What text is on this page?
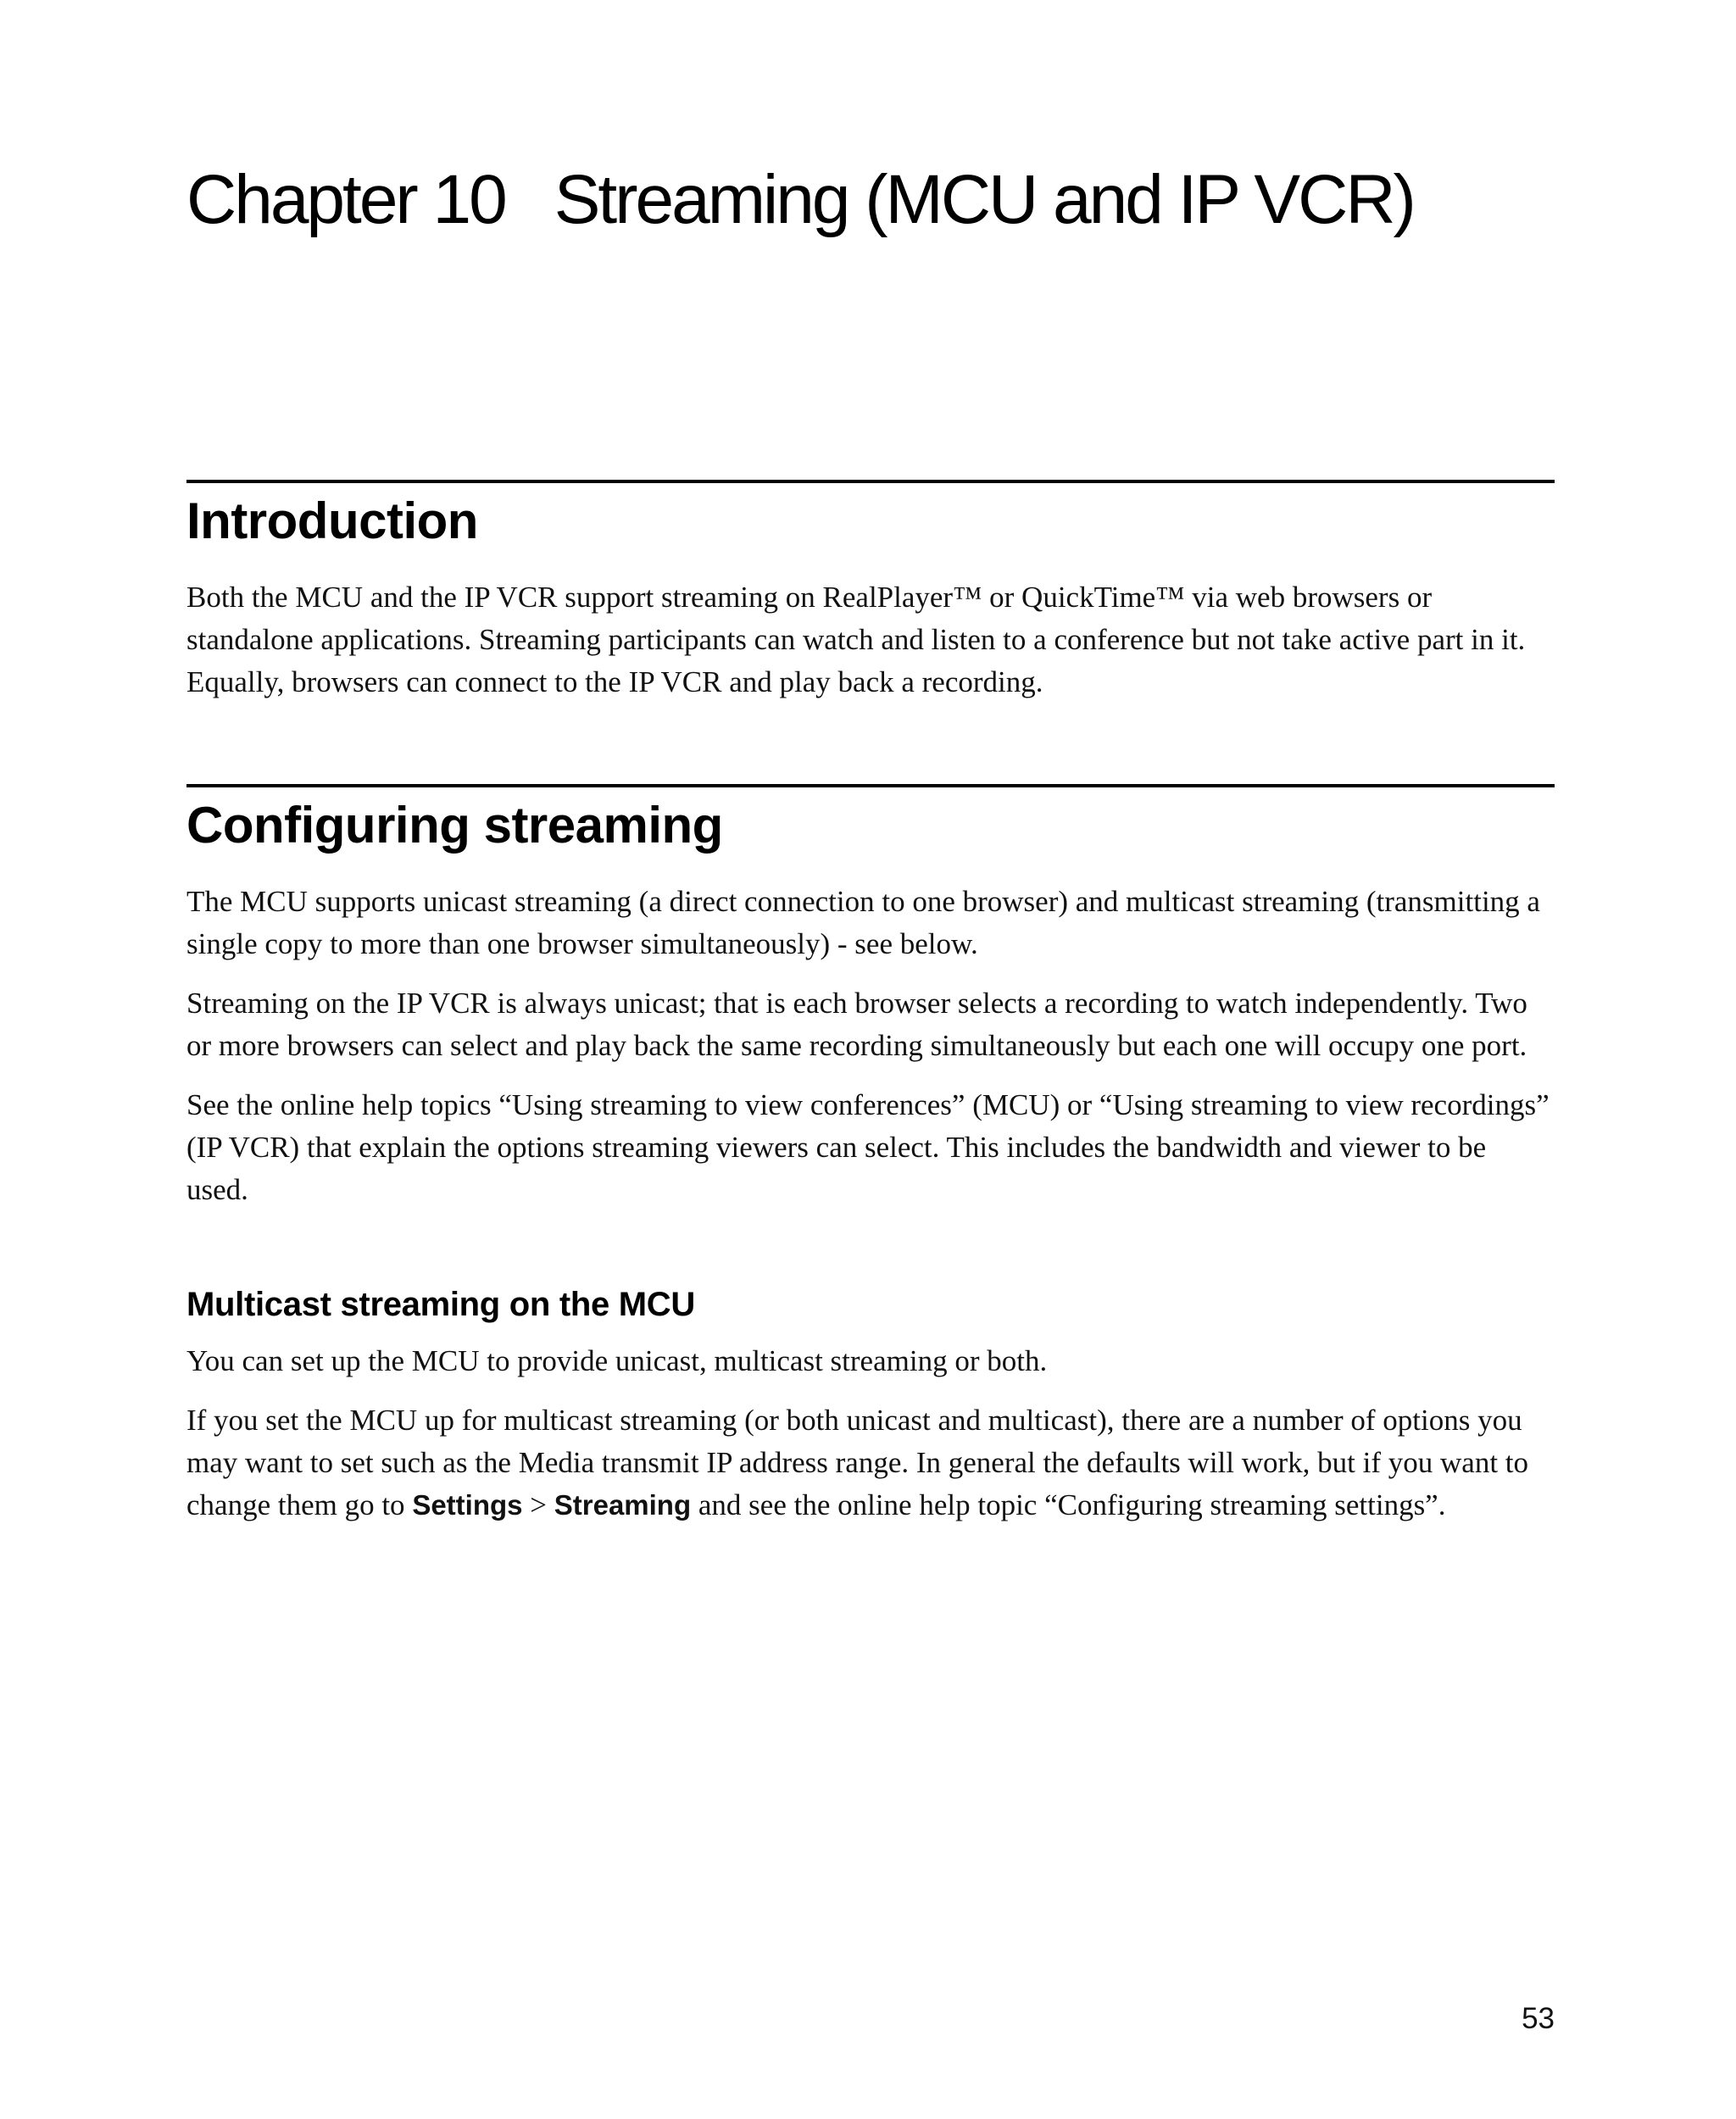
Chapter 10 Streaming (MCU and IP VCR)
Introduction

Both the MCU and the IP VCR support streaming on RealPlayer™ or QuickTime™ via web browsers or standalone applications. Streaming participants can watch and listen to a conference but not take active part in it. Equally, browsers can connect to the IP VCR and play back a recording.

Configuring streaming

The MCU supports unicast streaming (a direct connection to one browser) and multicast streaming (transmitting a single copy to more than one browser simultaneously) - see below.

Streaming on the IP VCR is always unicast; that is each browser selects a recording to watch independently. Two or more browsers can select and play back the same recording simultaneously but each one will occupy one port.

See the online help topics “Using streaming to view conferences” (MCU) or “Using streaming to view recordings” (IP VCR) that explain the options streaming viewers can select. This includes the bandwidth and viewer to be used.

Multicast streaming on the MCU

You can set up the MCU to provide unicast, multicast streaming or both.

If you set the MCU up for multicast streaming (or both unicast and multicast), there are a number of options you may want to set such as the Media transmit IP address range. In general the defaults will work, but if you want to change them go to Settings > Streaming and see the online help topic “Configuring streaming settings”.

53
